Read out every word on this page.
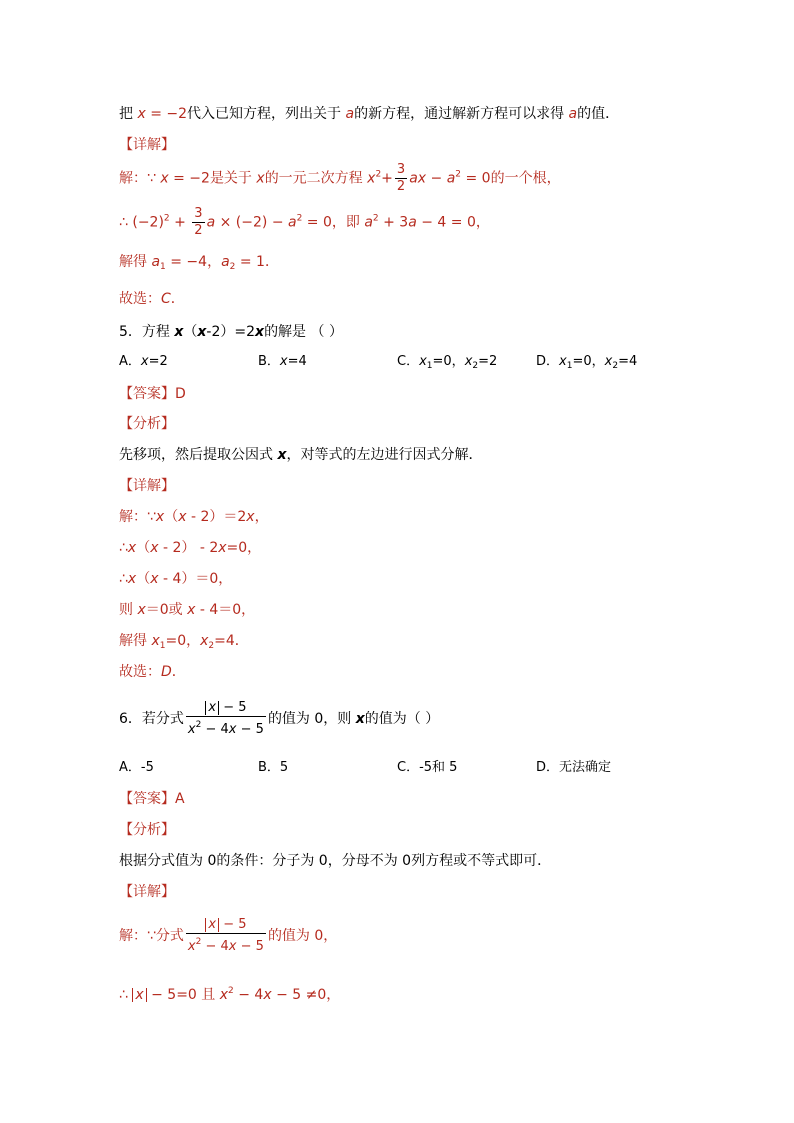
把 x = −2代入已知方程，列出关于 a的新方程，通过解新方程可以求得 a的值．
【详解】
解：∵ x = −2是关于 x的一元二次方程 $x^2+ \frac{3}{2}$ ax − $a^2 = 0$的一个根，
∴ $(-2)^2 + \frac{3}{2}$ $a \times (-2) - a^2 = 0$，即 $a^2 + 3a - 4 = 0$，
解得 $a_1 = -4$，$a_2 = 1$．
故选：C．
5．方程 x（x-2）=2x的解是 （ ）
A．x=2	B．x=4	C．$x_1=0$，$x_2=2$	D．$x_1=0$，$x_2=4$
【答案】D
【分析】
先移项，然后提取公因式 x，对等式的左边进行因式分解．
【详解】
解：∵x（x - 2）＝2x，
∴x（x - 2） - 2x=0，
∴x（x - 4）＝0，
则 x＝0或 x - 4＝0，
解得 $x_1=0$，$x_2=4$．
故选：D．
6．若分式 $\frac{x - 5}{x^2 - 4x - 5}$ 的值为 0，则 x的值为（ ）
A．-5	B．5	C．-5和 5	D．无法确定
【答案】A
【分析】
根据分式值为 0的条件：分子为 0，分母不为 0列方程或不等式即可．
【详解】
解：∵分式 $\frac{x - 5}{x^2 - 4x - 5}$ 的值为 0，
∴ x − 5=0 且 $x^2 - 4x - 5 \ne 0$，
